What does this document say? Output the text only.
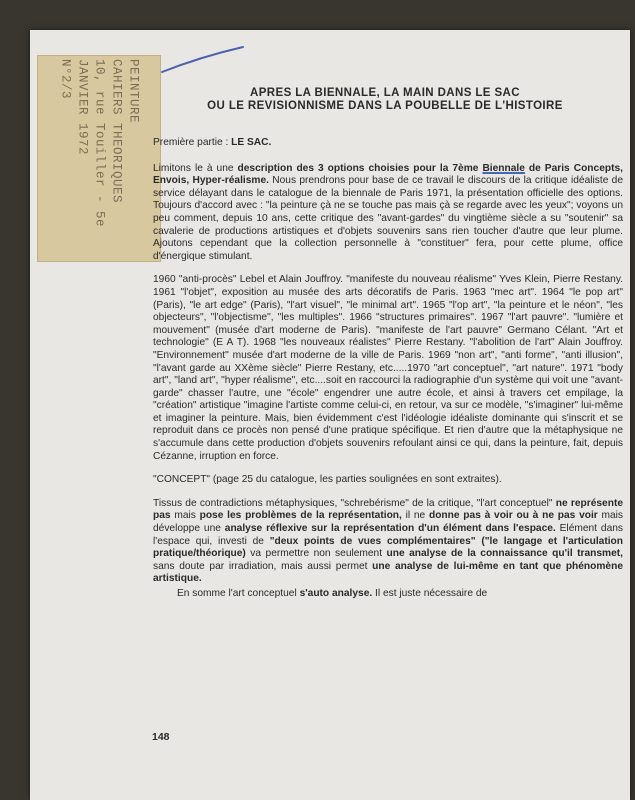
PEINTURE
CAHIERS THEORIQUES
10, rue Touiller - 5e
JANVIER 1972
N°2/3	APRES LA BIENNALE, LA MAIN DANS LE SAC
OU LE REVISIONNISME DANS LA POUBELLE DE L'HISTOIRE

Première partie : LE SAC.

Limitons le à une description des 3 options choisies pour la 7ème Biennale de Paris Concepts, Envois, Hyper-réalisme. Nous prendrons pour base de ce travail le discours de la critique idéaliste de service délayant dans le catalogue de la biennale de Paris 1971, la présentation officielle des options. Toujours d'accord avec : "la peinture çà ne se touche pas mais çà se regarde avec les yeux"; voyons un peu comment, depuis 10 ans, cette critique des "avant-gardes" du vingtième siècle a su "soutenir" sa cavalerie de productions artistiques et d'objets souvenirs sans rien toucher d'autre que leur plume. Ajoutons cependant que la collection personnelle à "constituer" fera, pour cette plume, office d'énergique stimulant.

1960 "anti-procès" Lebel et Alain Jouffroy. "manifeste du nouveau réalisme" Yves Klein, Pierre Restany. 1961 "l'objet", exposition au musée des arts décoratifs de Paris. 1963 "mec art". 1964 "le pop art" (Paris), "le art edge" (Paris), "l'art visuel", "le minimal art". 1965 "l'op art", "la peinture et le néon", "les objecteurs", "l'objectisme", "les multiples". 1966 "structures primaires". 1967 "l'art pauvre". "lumière et mouvement" (musée d'art moderne de Paris). "manifeste de l'art pauvre" Germano Célant. "Art et technologie" (E A T). 1968 "les nouveaux réalistes" Pierre Restany. "l'abolition de l'art" Alain Jouffroy. "Environnement" musée d'art moderne de la ville de Paris. 1969 "non art", "anti forme", "anti illusion", "l'avant garde au XXème siècle" Pierre Restany, etc.....1970 "art conceptuel", "art nature". 1971 "body art", "land art", "hyper réalisme", etc....soit en raccourci la radiographie d'un système qui voit une "avant-garde" chasser l'autre, une "école" engendrer une autre école, et ainsi à travers cet empilage, la "création" artistique "imagine l'artiste comme celui-ci, en retour, va sur ce modèle, "s'imaginer" lui-même et imaginer la peinture. Mais, bien évidemment c'est l'idéologie idéaliste dominante qui s'inscrit et se reproduit dans ce procès non pensé d'une pratique spécifique. Et rien d'autre que la métaphysique ne s'accumule dans cette production d'objets souvenirs refoulant ainsi ce qui, dans la peinture, fait, depuis Cézanne, irruption en force.

"CONCEPT" (page 25 du catalogue, les parties soulignées en sont extraites).

Tissus de contradictions métaphysiques, "schrebérisme" de la critique, "l'art conceptuel" ne représente pas mais pose les problèmes de la représentation, il ne donne pas à voir ou à ne pas voir mais développe une analyse réflexive sur la représentation d'un élément dans l'espace. Elément dans l'espace qui, investi de "deux points de vues complémentaires" ("le langage et l'articulation pratique/théorique) va permettre non seulement une analyse de la connaissance qu'il transmet, sans doute par irradiation, mais aussi permet une analyse de lui-même en tant que phénomène artistique.

En somme l'art conceptuel s'auto analyse. Il est juste nécessaire de

148
